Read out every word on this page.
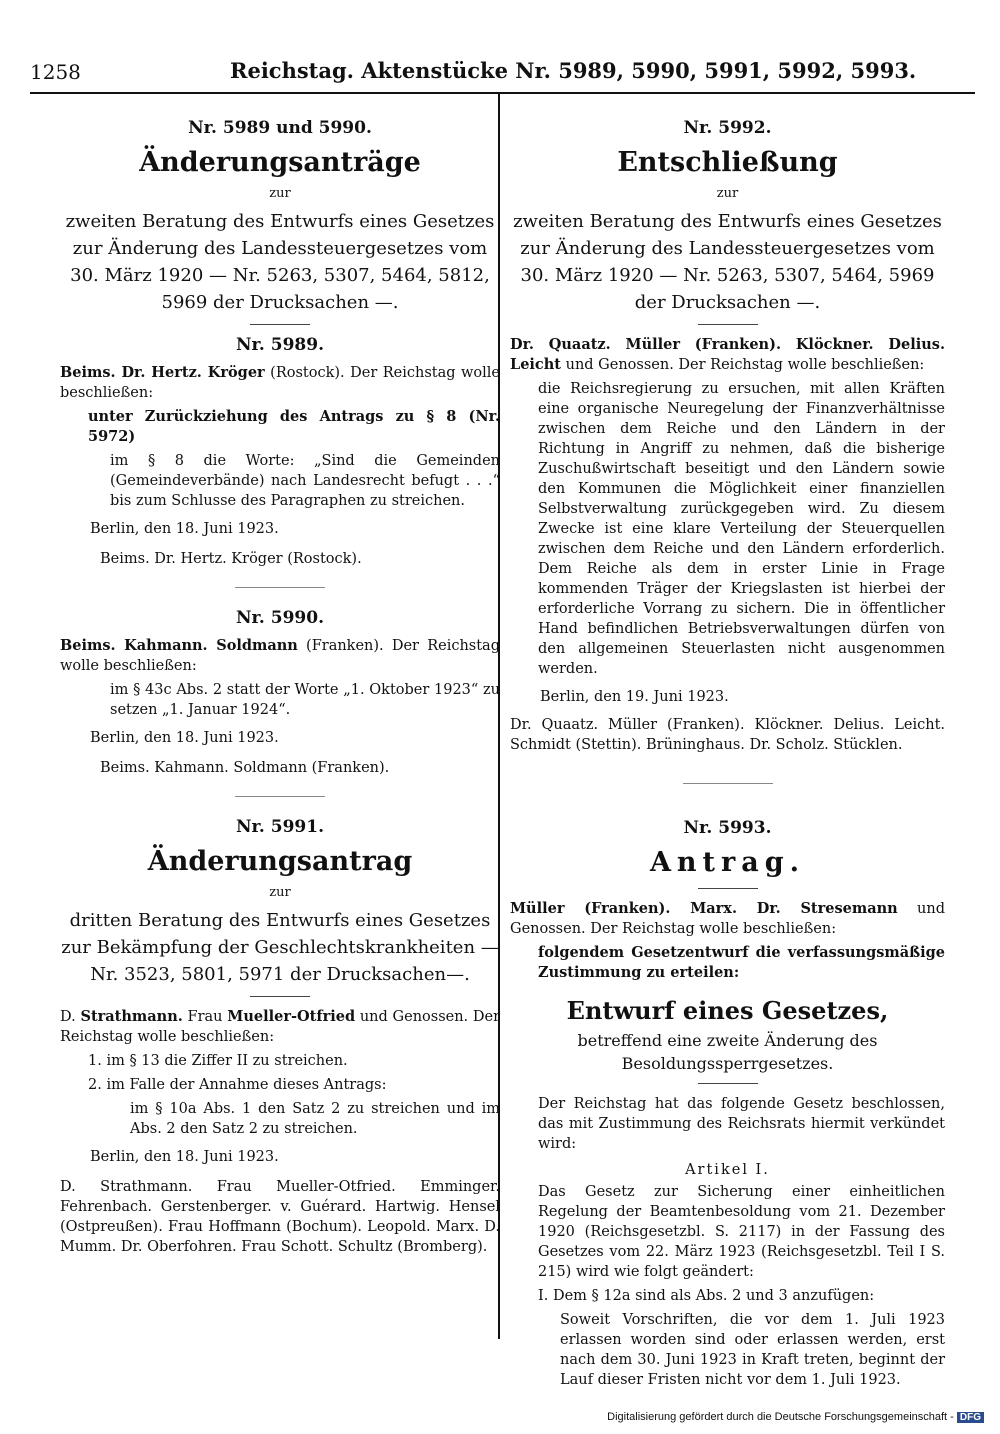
1258	Reichstag. Aktenstücke Nr. 5989, 5990, 5991, 5992, 5993.
Nr. 5989 und 5990.
Änderungsanträge
zur
zweiten Beratung des Entwurfs eines Gesetzes zur Änderung des Landessteuergesetzes vom 30. März 1920 — Nr. 5263, 5307, 5464, 5812, 5969 der Drucksachen —.
Nr. 5989.

Beims. Dr. Hertz. Kröger (Rostock). Der Reichstag wolle beschließen:

unter Zurückziehung des Antrags zu § 8 (Nr. 5972)

im § 8 die Worte: „Sind die Gemeinden (Gemeindeverbände) nach Landesrecht befugt . . .“ bis zum Schlusse des Paragraphen zu streichen.

Berlin, den 18. Juni 1923.
Beims. Dr. Hertz. Kröger (Rostock).
Nr. 5990.

Beims. Kahmann. Soldmann (Franken). Der Reichstag wolle beschließen:

im § 43c Abs. 2 statt der Worte „1. Oktober 1923“ zu setzen „1. Januar 1924“.

Berlin, den 18. Juni 1923.
Beims. Kahmann. Soldmann (Franken).
Nr. 5991.
Änderungsantrag
zur
dritten Beratung des Entwurfs eines Gesetzes zur Bekämpfung der Geschlechtskrankheiten —Nr. 3523, 5801, 5971 der Drucksachen—.

D. Strathmann. Frau Mueller-Otfried und Genossen. Der Reichstag wolle beschließen:

1. im § 13 die Ziffer II zu streichen.

2. im Falle der Annahme dieses Antrags:

im § 10a Abs. 1 den Satz 2 zu streichen und im Abs. 2 den Satz 2 zu streichen.

Berlin, den 18. Juni 1923.

D. Strathmann. Frau Mueller-Otfried. Emminger. Fehrenbach. Gerstenberger. v. Guérard. Hartwig. Hensel (Ostpreußen). Frau Hoffmann (Bochum). Leopold. Marx. D. Mumm. Dr. Oberfohren. Frau Schott. Schultz (Bromberg).

Nr. 5992.
Entschließung
zur
zweiten Beratung des Entwurfs eines Gesetzes zur Änderung des Landessteuergesetzes vom 30. März 1920 — Nr. 5263, 5307, 5464, 5969 der Drucksachen —.

Dr. Quaatz. Müller (Franken). Klöckner. Delius. Leicht und Genossen. Der Reichstag wolle beschließen:

die Reichsregierung zu ersuchen, mit allen Kräften eine organische Neuregelung der Finanzverhältnisse zwischen dem Reiche und den Ländern in der Richtung in Angriff zu nehmen, daß die bisherige Zuschußwirtschaft beseitigt und den Ländern sowie den Kommunen die Möglichkeit einer finanziellen Selbstverwaltung zurückgegeben wird. Zu diesem Zwecke ist eine klare Verteilung der Steuerquellen zwischen dem Reiche und den Ländern erforderlich. Dem Reiche als dem in erster Linie in Frage kommenden Träger der Kriegslasten ist hierbei der erforderliche Vorrang zu sichern. Die in öffentlicher Hand befindlichen Betriebsverwaltungen dürfen von den allgemeinen Steuerlasten nicht ausgenommen werden.

Berlin, den 19. Juni 1923.

Dr. Quaatz. Müller (Franken). Klöckner. Delius. Leicht. Schmidt (Stettin). Brüninghaus. Dr. Scholz. Stücklen.

Nr. 5993.
Antrag.

Müller (Franken). Marx. Dr. Stresemann und Genossen. Der Reichstag wolle beschließen:

folgendem Gesetzentwurf die verfassungsmäßige Zustimmung zu erteilen:

Entwurf eines Gesetzes,
betreffend eine zweite Änderung des Besoldungssperrgesetzes.

Der Reichstag hat das folgende Gesetz beschlossen, das mit Zustimmung des Reichsrats hiermit verkündet wird:

Artikel I.

Das Gesetz zur Sicherung einer einheitlichen Regelung der Beamtenbesoldung vom 21. Dezember 1920 (Reichsgesetzbl. S. 2117) in der Fassung des Gesetzes vom 22. März 1923 (Reichsgesetzbl. Teil I S. 215) wird wie folgt geändert:

I. Dem § 12a sind als Abs. 2 und 3 anzufügen:

Soweit Vorschriften, die vor dem 1. Juli 1923 erlassen worden sind oder erlassen werden, erst nach dem 30. Juni 1923 in Kraft treten, beginnt der Lauf dieser Fristen nicht vor dem 1. Juli 1923.

Digitalisierung gefördert durch die Deutsche Forschungsgemeinschaft - DFG
